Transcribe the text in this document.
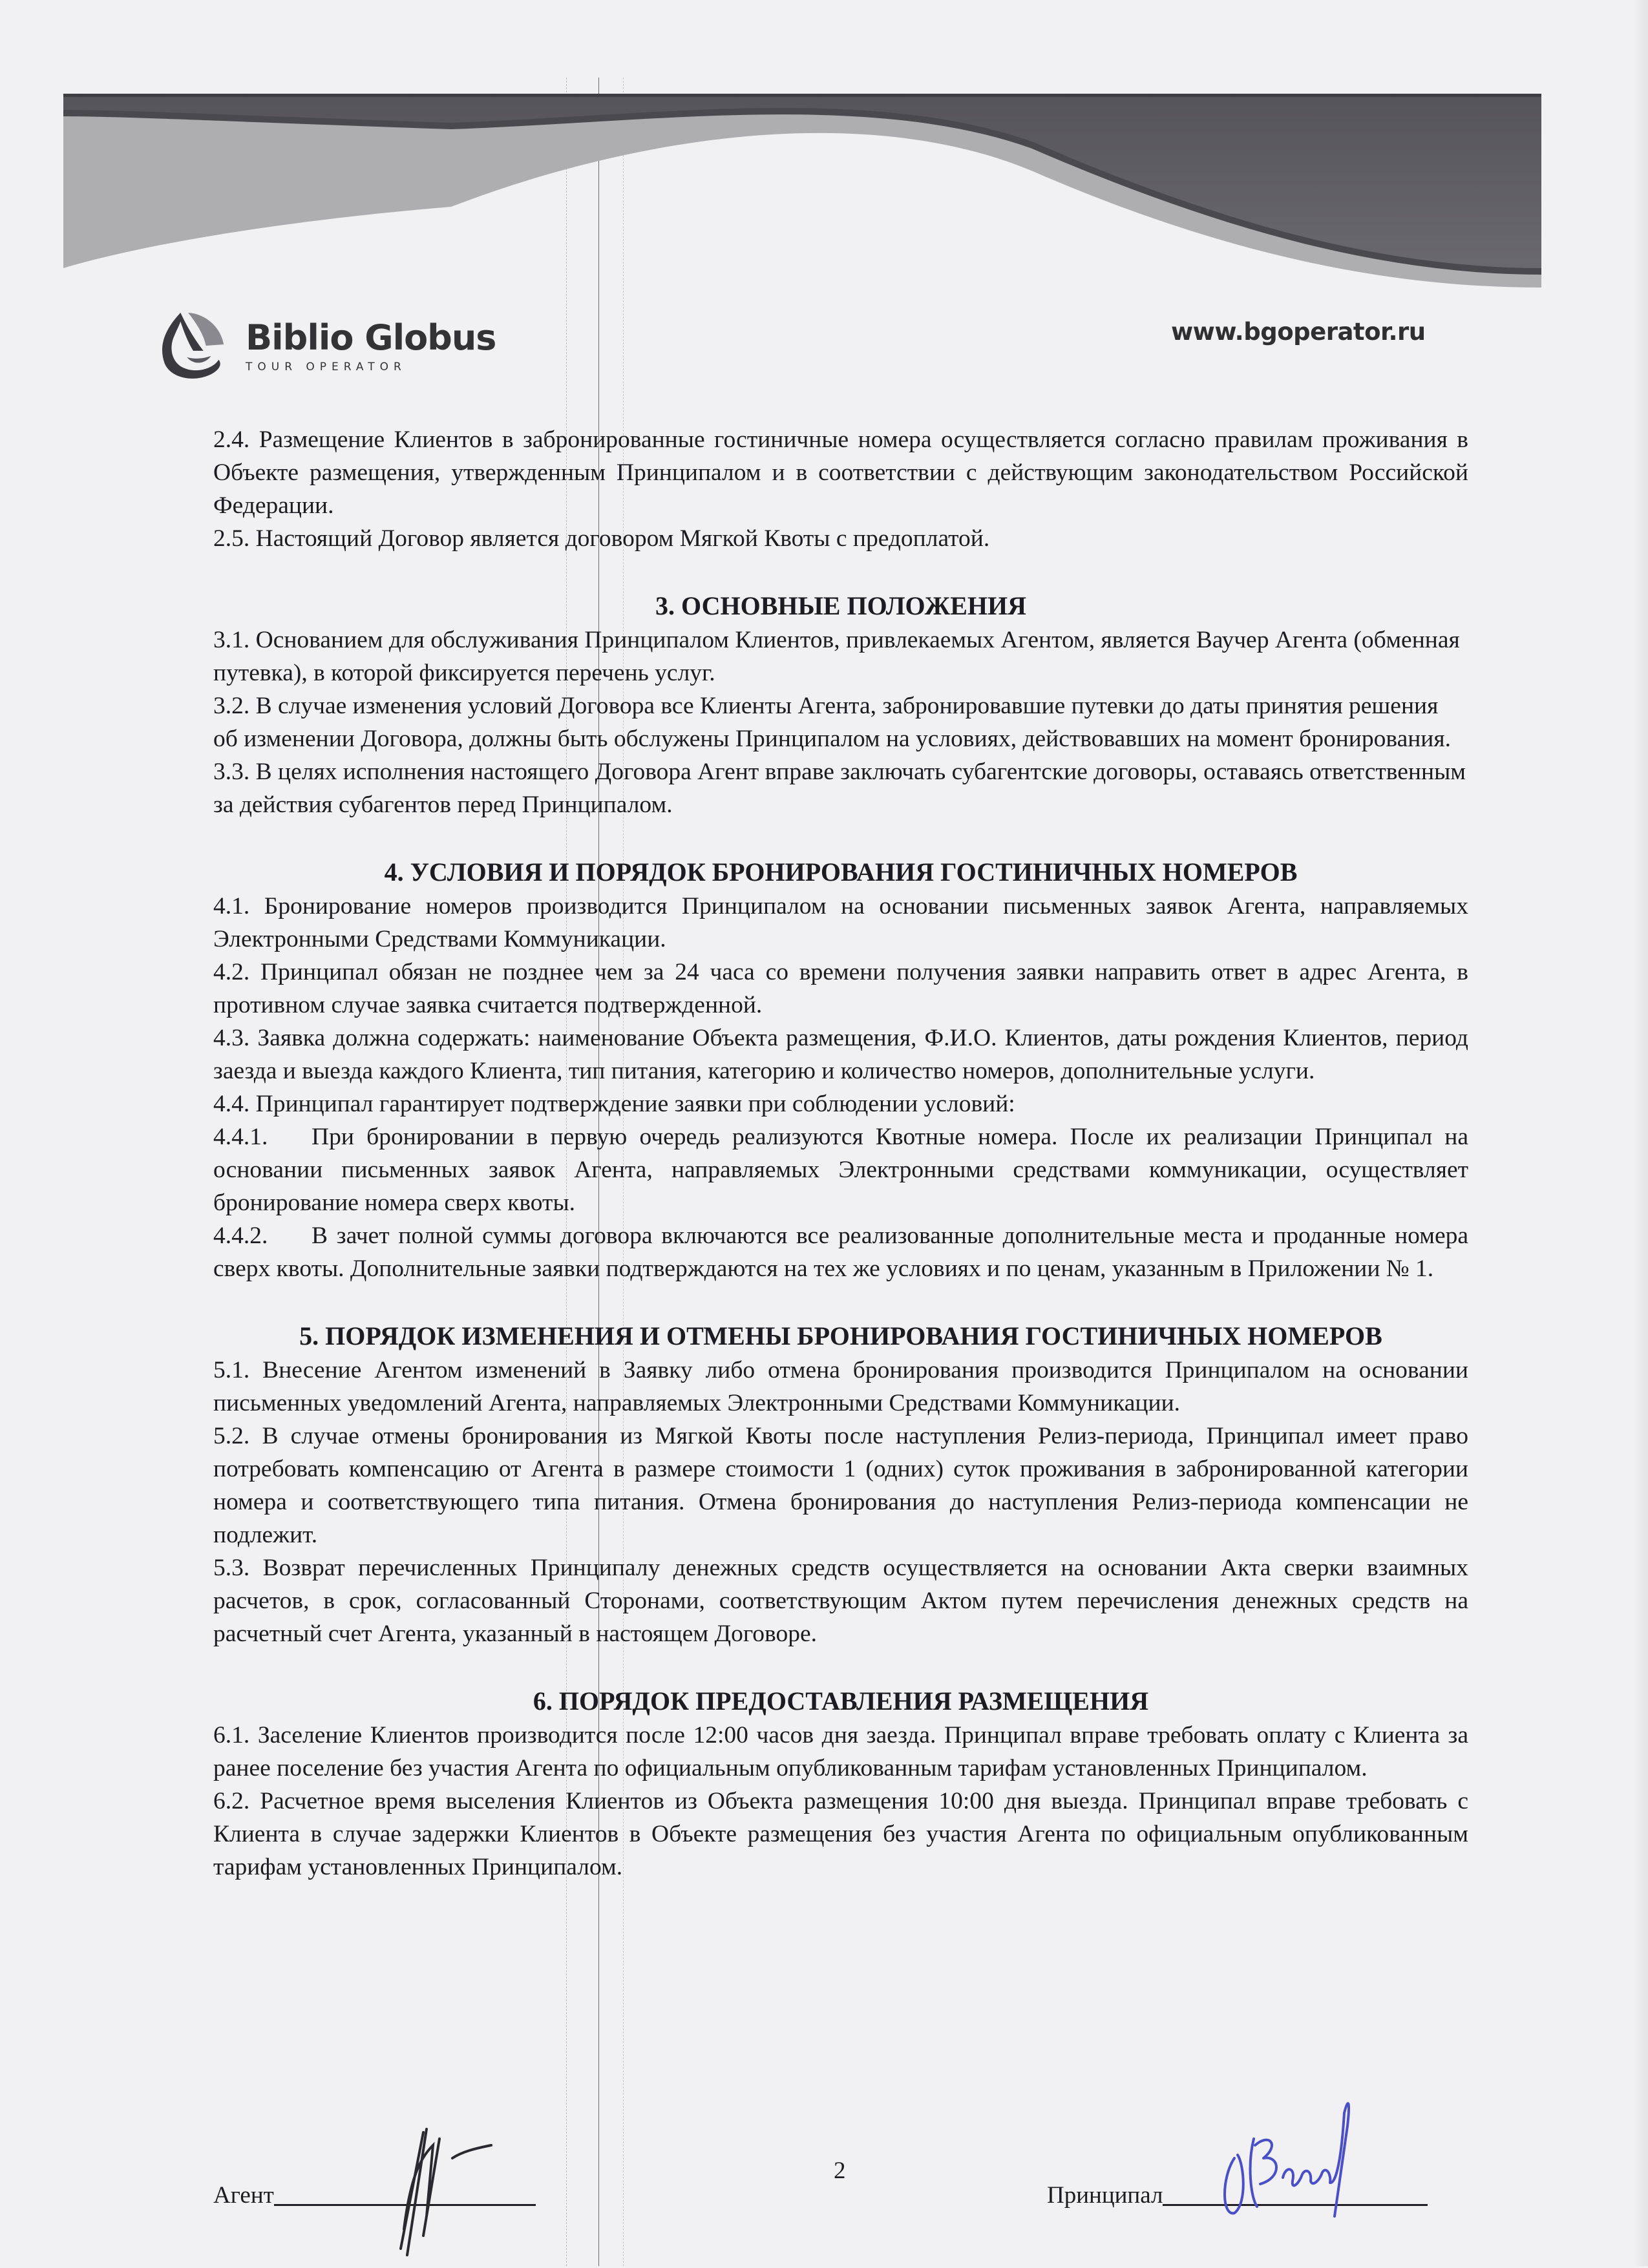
Biblio Globus
TOUR OPERATOR
www.bgoperator.ru

2.4. Размещение Клиентов в забронированные гостиничные номера осуществляется согласно правилам проживания в Объекте размещения, утвержденным Принципалом и в соответствии с действующим законодательством Российской Федерации.

2.5. Настоящий Договор является договором Мягкой Квоты с предоплатой.

3. ОСНОВНЫЕ ПОЛОЖЕНИЯ

3.1. Основанием для обслуживания Принципалом Клиентов, привлекаемых Агентом, является Ваучер Агента (обменная путевка), в которой фиксируется перечень услуг.

3.2. В случае изменения условий Договора все Клиенты Агента, забронировавшие путевки до даты принятия решения об изменении Договора, должны быть обслужены Принципалом на условиях, действовавших на момент бронирования.

3.3. В целях исполнения настоящего Договора Агент вправе заключать субагентские договоры, оставаясь ответственным за действия субагентов перед Принципалом.

4. УСЛОВИЯ И ПОРЯДОК БРОНИРОВАНИЯ ГОСТИНИЧНЫХ НОМЕРОВ

4.1. Бронирование номеров производится Принципалом на основании письменных заявок Агента, направляемых Электронными Средствами Коммуникации.

4.2. Принципал обязан не позднее чем за 24 часа со времени получения заявки направить ответ в адрес Агента, в противном случае заявка считается подтвержденной.

4.3. Заявка должна содержать: наименование Объекта размещения, Ф.И.О. Клиентов, даты рождения Клиентов, период заезда и выезда каждого Клиента, тип питания, категорию и количество номеров, дополнительные услуги.

4.4. Принципал гарантирует подтверждение заявки при соблюдении условий:

4.4.1. При бронировании в первую очередь реализуются Квотные номера. После их реализации Принципал на основании письменных заявок Агента, направляемых Электронными средствами коммуникации, осуществляет бронирование номера сверх квоты.

4.4.2. В зачет полной суммы договора включаются все реализованные дополнительные места и проданные номера сверх квоты. Дополнительные заявки подтверждаются на тех же условиях и по ценам, указанным в Приложении № 1.

5. ПОРЯДОК ИЗМЕНЕНИЯ И ОТМЕНЫ БРОНИРОВАНИЯ ГОСТИНИЧНЫХ НОМЕРОВ

5.1. Внесение Агентом изменений в Заявку либо отмена бронирования производится Принципалом на основании письменных уведомлений Агента, направляемых Электронными Средствами Коммуникации.

5.2. В случае отмены бронирования из Мягкой Квоты после наступления Релиз-периода, Принципал имеет право потребовать компенсацию от Агента в размере стоимости 1 (одних) суток проживания в забронированной категории номера и соответствующего типа питания. Отмена бронирования до наступления Релиз-периода компенсации не подлежит.

5.3. Возврат перечисленных Принципалу денежных средств осуществляется на основании Акта сверки взаимных расчетов, в срок, согласованный Сторонами, соответствующим Актом путем перечисления денежных средств на расчетный счет Агента, указанный в настоящем Договоре.

6. ПОРЯДОК ПРЕДОСТАВЛЕНИЯ РАЗМЕЩЕНИЯ

6.1. Заселение Клиентов производится после 12:00 часов дня заезда. Принципал вправе требовать оплату с Клиента за ранее поселение без участия Агента по официальным опубликованным тарифам установленных Принципалом.

6.2. Расчетное время выселения Клиентов из Объекта размещения 10:00 дня выезда. Принципал вправе требовать с Клиента в случае задержки Клиентов в Объекте размещения без участия Агента по официальным опубликованным тарифам установленных Принципалом.

Агент	Принципал
2
